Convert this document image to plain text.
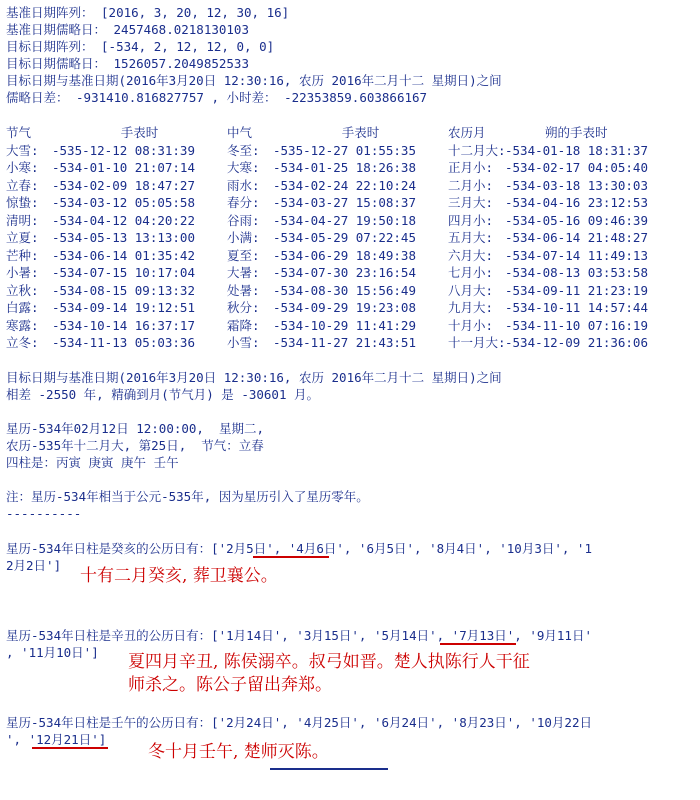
基准日期阵列： [2016, 3, 20, 12, 30, 16]
基准日期儒略日： 2457468.0218130103
目标日期阵列： [-534, 2, 12, 12, 0, 0]
目标日期儒略日： 1526057.2049852533
目标日期与基准日期(2016年3月20日 12:30:16, 农历 2016年二月十二 星期日)之间
儒略日差： -931410.816827757 , 小时差： -22353859.603866167
节气	手表时	中气	手表时	农历月	朔的手表时
大雪:	-535-12-12 08:31:39	冬至:	-535-12-27 01:55:35	十二月大: -534-01-18 18:31:37
小寒:	-534-01-10 21:07:14	大寒:	-534-01-25 18:26:38	正月小: -534-02-17 04:05:40
立春:	-534-02-09 18:47:27	雨水:	-534-02-24 22:10:24	二月小: -534-03-18 13:30:03
惊蛰:	-534-03-12 05:05:58	春分:	-534-03-27 15:08:37	三月大: -534-04-16 23:12:53
清明:	-534-04-12 04:20:22	谷雨:	-534-04-27 19:50:18	四月小: -534-05-16 09:46:39
立夏:	-534-05-13 13:13:00	小满:	-534-05-29 07:22:45	五月大: -534-06-14 21:48:27
芒种:	-534-06-14 01:35:42	夏至:	-534-06-29 18:49:38	六月大: -534-07-14 11:49:13
小暑:	-534-07-15 10:17:04	大暑:	-534-07-30 23:16:54	七月小: -534-08-13 03:53:58
立秋:	-534-08-15 09:13:32	处暑:	-534-08-30 15:56:49	八月大: -534-09-11 21:23:19
白露:	-534-09-14 19:12:51	秋分:	-534-09-29 19:23:08	九月大: -534-10-11 14:57:44
寒露:	-534-10-14 16:37:17	霜降:	-534-10-29 11:41:29	十月小: -534-11-10 07:16:19
立冬:	-534-11-13 05:03:36	小雪:	-534-11-27 21:43:51	十一月大: -534-12-09 21:36:06
目标日期与基准日期(2016年3月20日 12:30:16, 农历 2016年二月十二 星期日)之间
相差 -2550 年, 精确到月(节气月) 是 -30601 月。
星历-534年02月12日 12:00:00,  星期二,
农历-535年十二月大, 第25日,  节气：立春
四柱是：丙寅 庚寅 庚午 壬午
注：星历-534年相当于公元-535年, 因为星历引入了星历零年。
----------
星历-534年日柱是癸亥的公历日有：['2月5日', '4月6日', '6月5日', '8月4日', '10月3日', '1
2月2日']
十有二月癸亥, 葬卫襄公。
星历-534年日柱是辛丑的公历日有：['1月14日', '3月15日', '5月14日', '7月13日', '9月11日'
, '11月10日'] 夏四月辛丑, 陈侯溺卒。叔弓如晋。楚人执陈行人干征
师杀之。陈公子留出奔郑。
星历-534年日柱是壬午的公历日有：['2月24日', '4月25日', '6月24日', '8月23日', '10月22日
', '12月21日']
冬十月壬午, 楚师灭陈。
